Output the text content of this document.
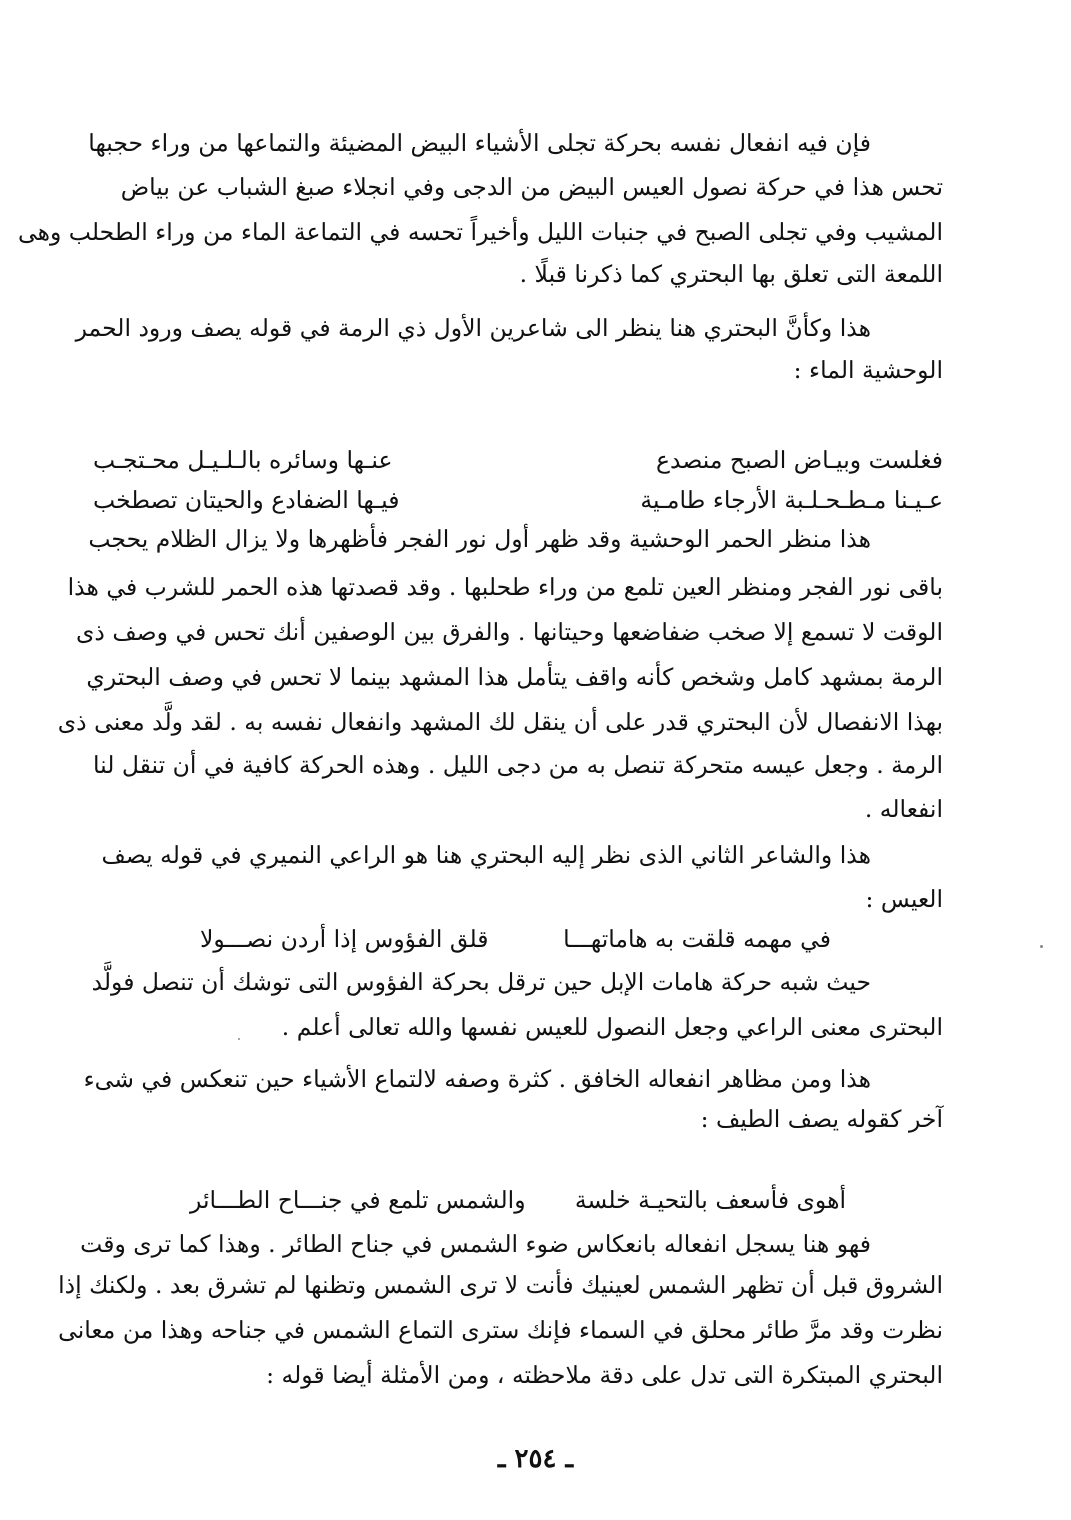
فإن فيه انفعال نفسه بحركة تجلى الأشياء البيض المضيئة والتماعها من وراء حجبها
تحس هذا في حركة نصول العيس البيض من الدجى وفي انجلاء صبغ الشباب عن بياض
المشيب وفي تجلى الصبح في جنبات الليل وأخيراً تحسه في التماعة الماء من وراء الطحلب وهى
اللمعة التى تعلق بها البحتري كما ذكرنا قبلًا .
هذا وكأنَّ البحتري هنا ينظر الى شاعرين الأول ذي الرمة في قوله يصف ورود الحمر
الوحشية الماء :
فغلست وبيـاض الصبح منصدع
عنـها وسائره بالـلـيـل محـتجـب
عـيـنا مـطـحـلـبة الأرجاء طامـية
فيـها الضفادع والحيتان تصطخب
هذا منظر الحمر الوحشية وقد ظهر أول نور الفجر فأظهرها ولا يزال الظلام يحجب
باقى نور الفجر ومنظر العين تلمع من وراء طحلبها . وقد قصدتها هذه الحمر للشرب في هذا
الوقت لا تسمع إلا صخب ضفاضعها وحيتانها . والفرق بين الوصفين أنك تحس في وصف ذى
الرمة بمشهد كامل وشخص كأنه واقف يتأمل هذا المشهد بينما لا تحس في وصف البحتري
بهذا الانفصال لأن البحتري قدر على أن ينقل لك المشهد وانفعال نفسه به . لقد ولَّد معنى ذى
الرمة . وجعل عيسه متحركة تنصل به من دجى الليل . وهذه الحركة كافية في أن تنقل لنا
انفعاله .
هذا والشاعر الثاني الذى نظر إليه البحتري هنا هو الراعي النميري في قوله يصف
العيس :
في مهمه قلقت به هاماتهـــا
قلق الفؤوس إذا أردن نصـــولا
حيث شبه حركة هامات الإبل حين ترقل بحركة الفؤوس التى توشك أن تنصل فولَّد
البحترى معنى الراعي وجعل النصول للعيس نفسها والله تعالى أعلم .
هذا ومن مظاهر انفعاله الخافق . كثرة وصفه لالتماع الأشياء حين تنعكس في شىء
آخر كقوله يصف الطيف :
أهوى فأسعف بالتحيـة خلسة
والشمس تلمع في جنـــاح الطـــائر
فهو هنا يسجل انفعاله بانعكاس ضوء الشمس في جناح الطائر . وهذا كما ترى وقت
الشروق قبل أن تظهر الشمس لعينيك فأنت لا ترى الشمس وتظنها لم تشرق بعد . ولكنك إذا
نظرت وقد مرَّ طائر محلق في السماء فإنك سترى التماع الشمس في جناحه وهذا من معانى
البحتري المبتكرة التى تدل على دقة ملاحظته ، ومن الأمثلة أيضا قوله :
ـ ٢٥٤ ـ
